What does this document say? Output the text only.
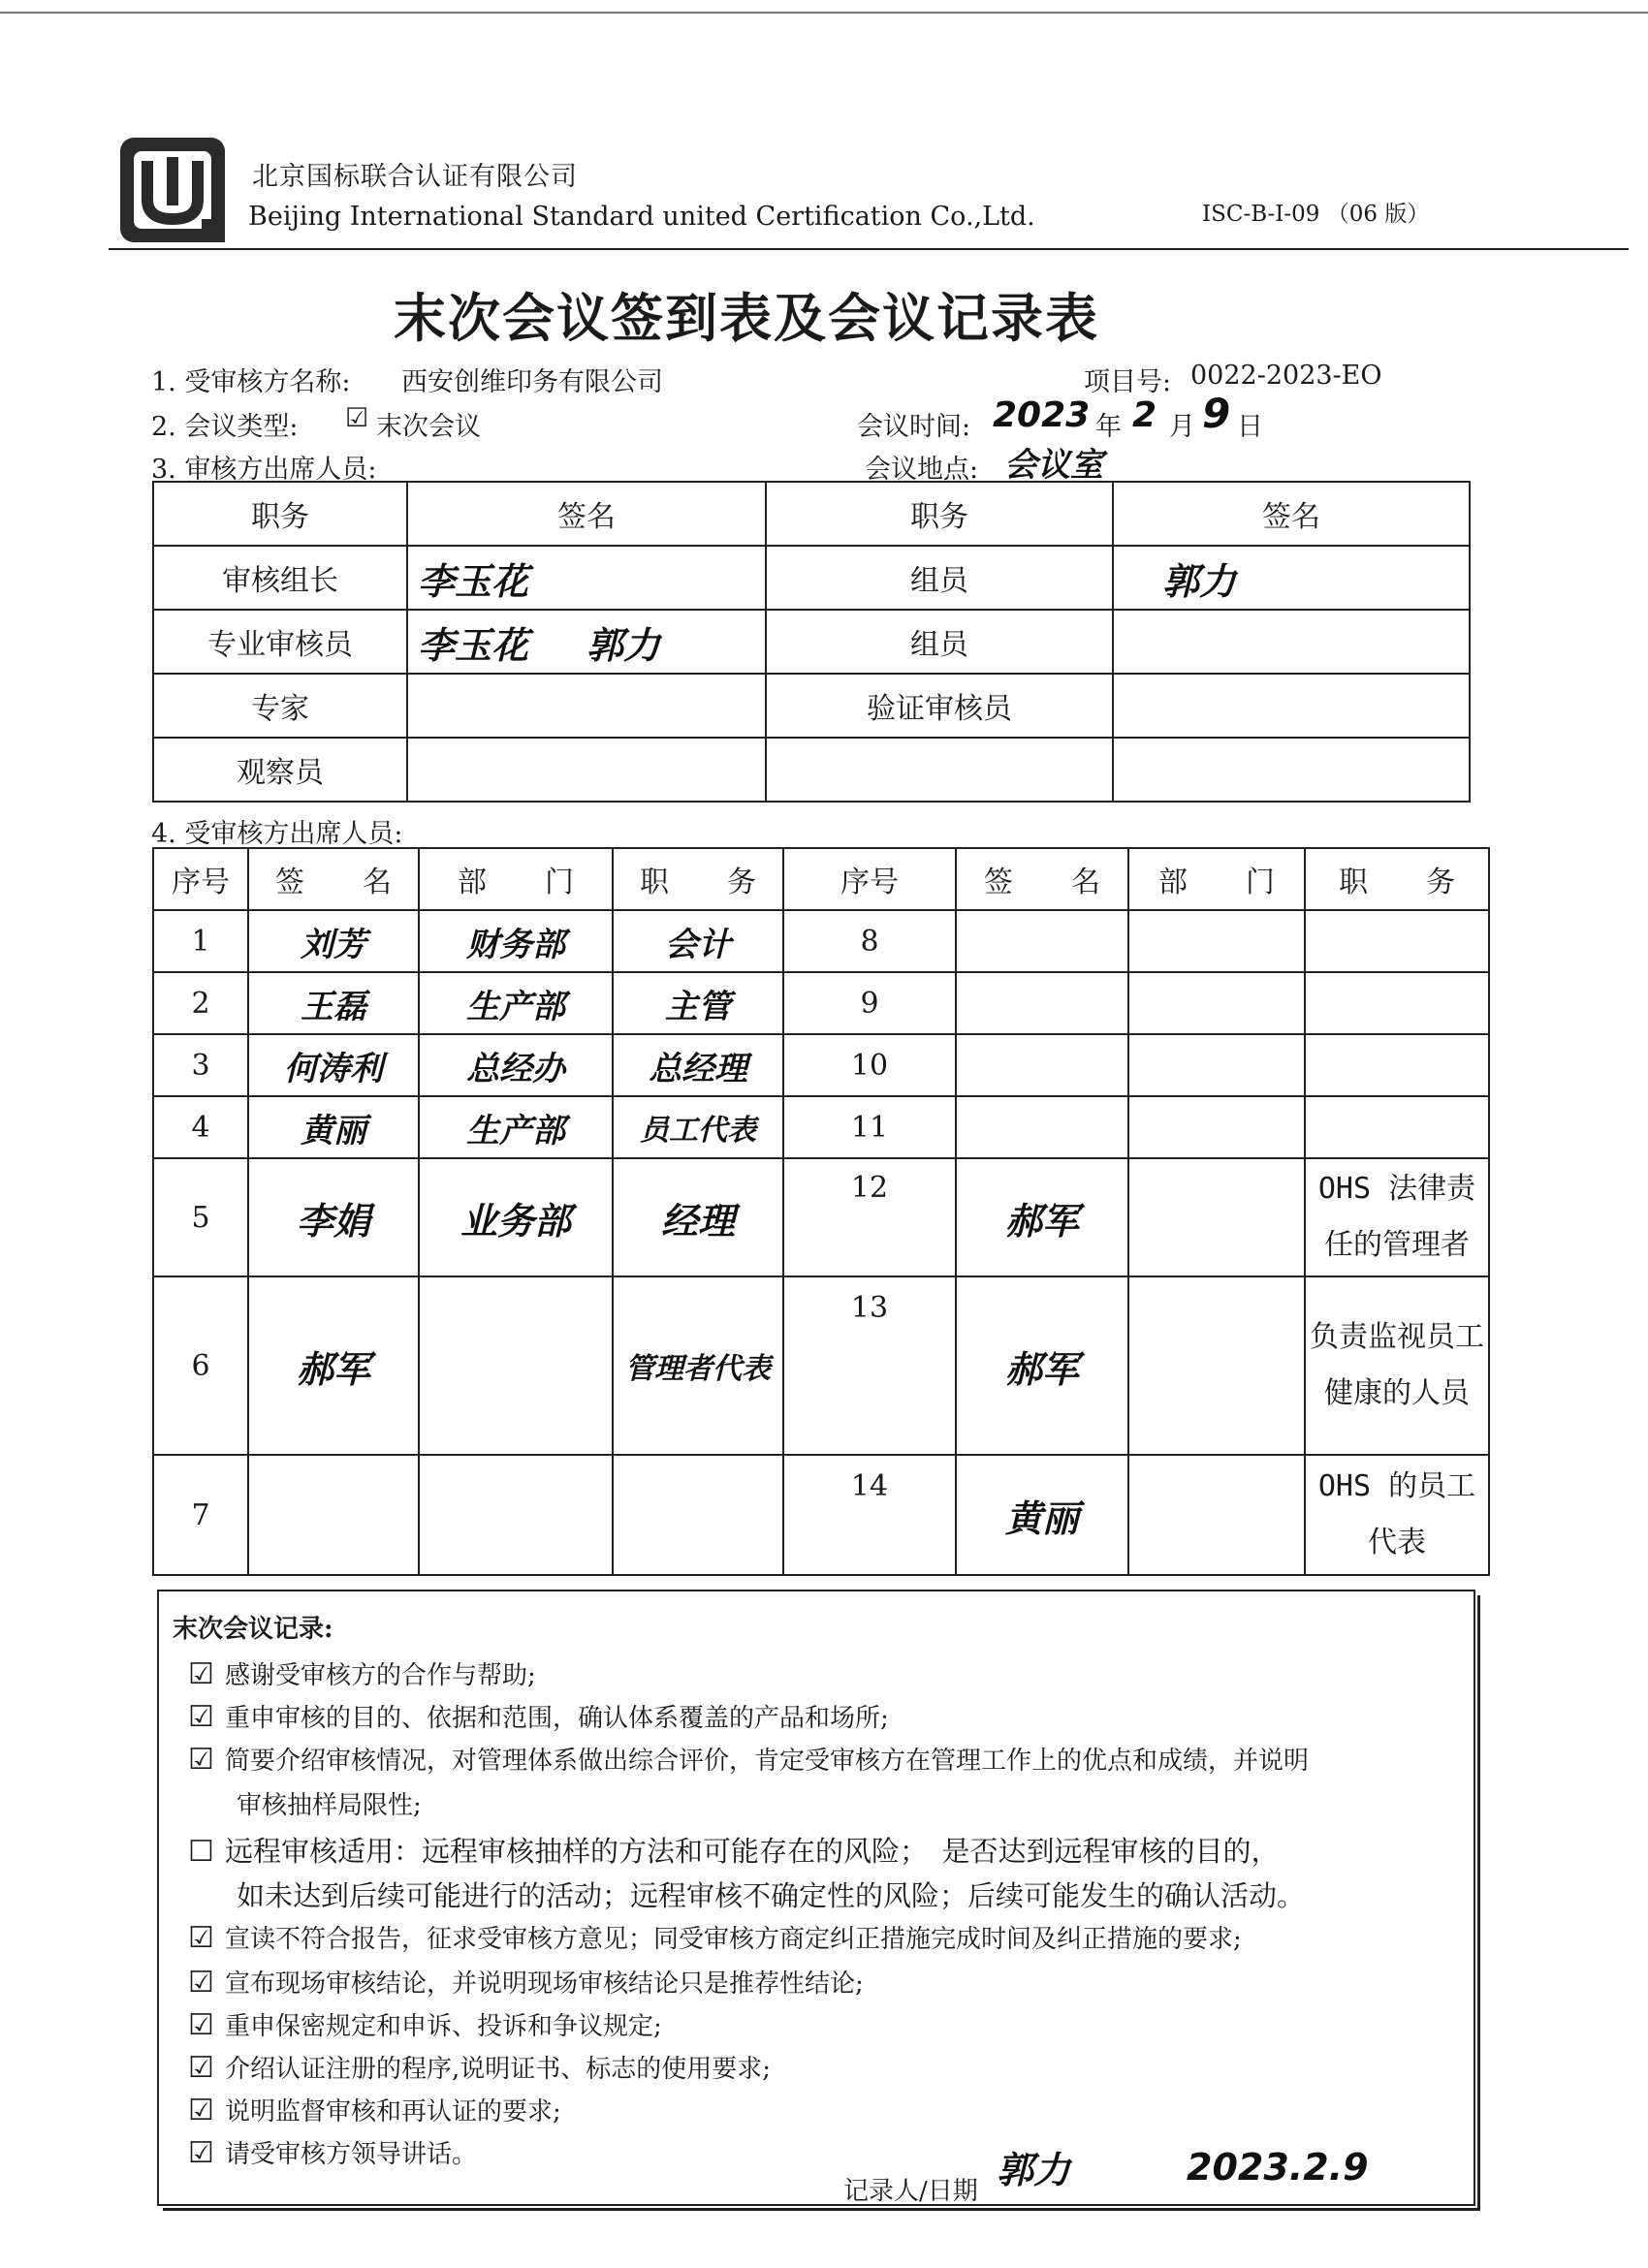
北京国标联合认证有限公司
Beijing International Standard united Certification Co.,Ltd.	ISC-B-I-09 （06 版）
末次会议签到表及会议记录表
1. 受审核方名称: 西安创维印务有限公司	项目号: 0022-2023-EO
2. 会议类型: ☑ 末次会议	会议时间: 2023 年 2 月 9 日
3. 审核方出席人员:	会议地点: 会议室
职务	签名	职务	签名
审核组长	李玉花	组员	郭力
专业审核员	李玉花 郭力	组员	
专家		验证审核员	
观察员			
4. 受审核方出席人员:
序号	签　　名	部　　门	职　　务	序号	签　　名	部　　门	职　　务
1	刘芳	财务部	会计	8			
2	王磊	生产部	主管	9			
3	何涛利	总经办	总经理	10			
4	黄丽	生产部	员工代表	11			
5	李娟	业务部	经理	12	郝军		OHS 法律责任的管理者
6	郝军		管理者代表	13	郝军		负责监视员工健康的人员
7				14	黄丽		OHS 的员工代表
末次会议记录:
☑ 感谢受审核方的合作与帮助;
☑ 重申审核的目的、依据和范围，确认体系覆盖的产品和场所;
☑ 简要介绍审核情况，对管理体系做出综合评价，肯定受审核方在管理工作上的优点和成绩，并说明
审核抽样局限性;
☐ 远程审核适用：远程审核抽样的方法和可能存在的风险；　是否达到远程审核的目的，
如未达到后续可能进行的活动；远程审核不确定性的风险；后续可能发生的确认活动。
☑ 宣读不符合报告，征求受审核方意见；同受审核方商定纠正措施完成时间及纠正措施的要求;
☑ 宣布现场审核结论，并说明现场审核结论只是推荐性结论;
☑ 重申保密规定和申诉、投诉和争议规定;
☑ 介绍认证注册的程序,说明证书、标志的使用要求;
☑ 说明监督审核和再认证的要求;
☑ 请受审核方领导讲话。
记录人/日期 郭力	2023.2.9
